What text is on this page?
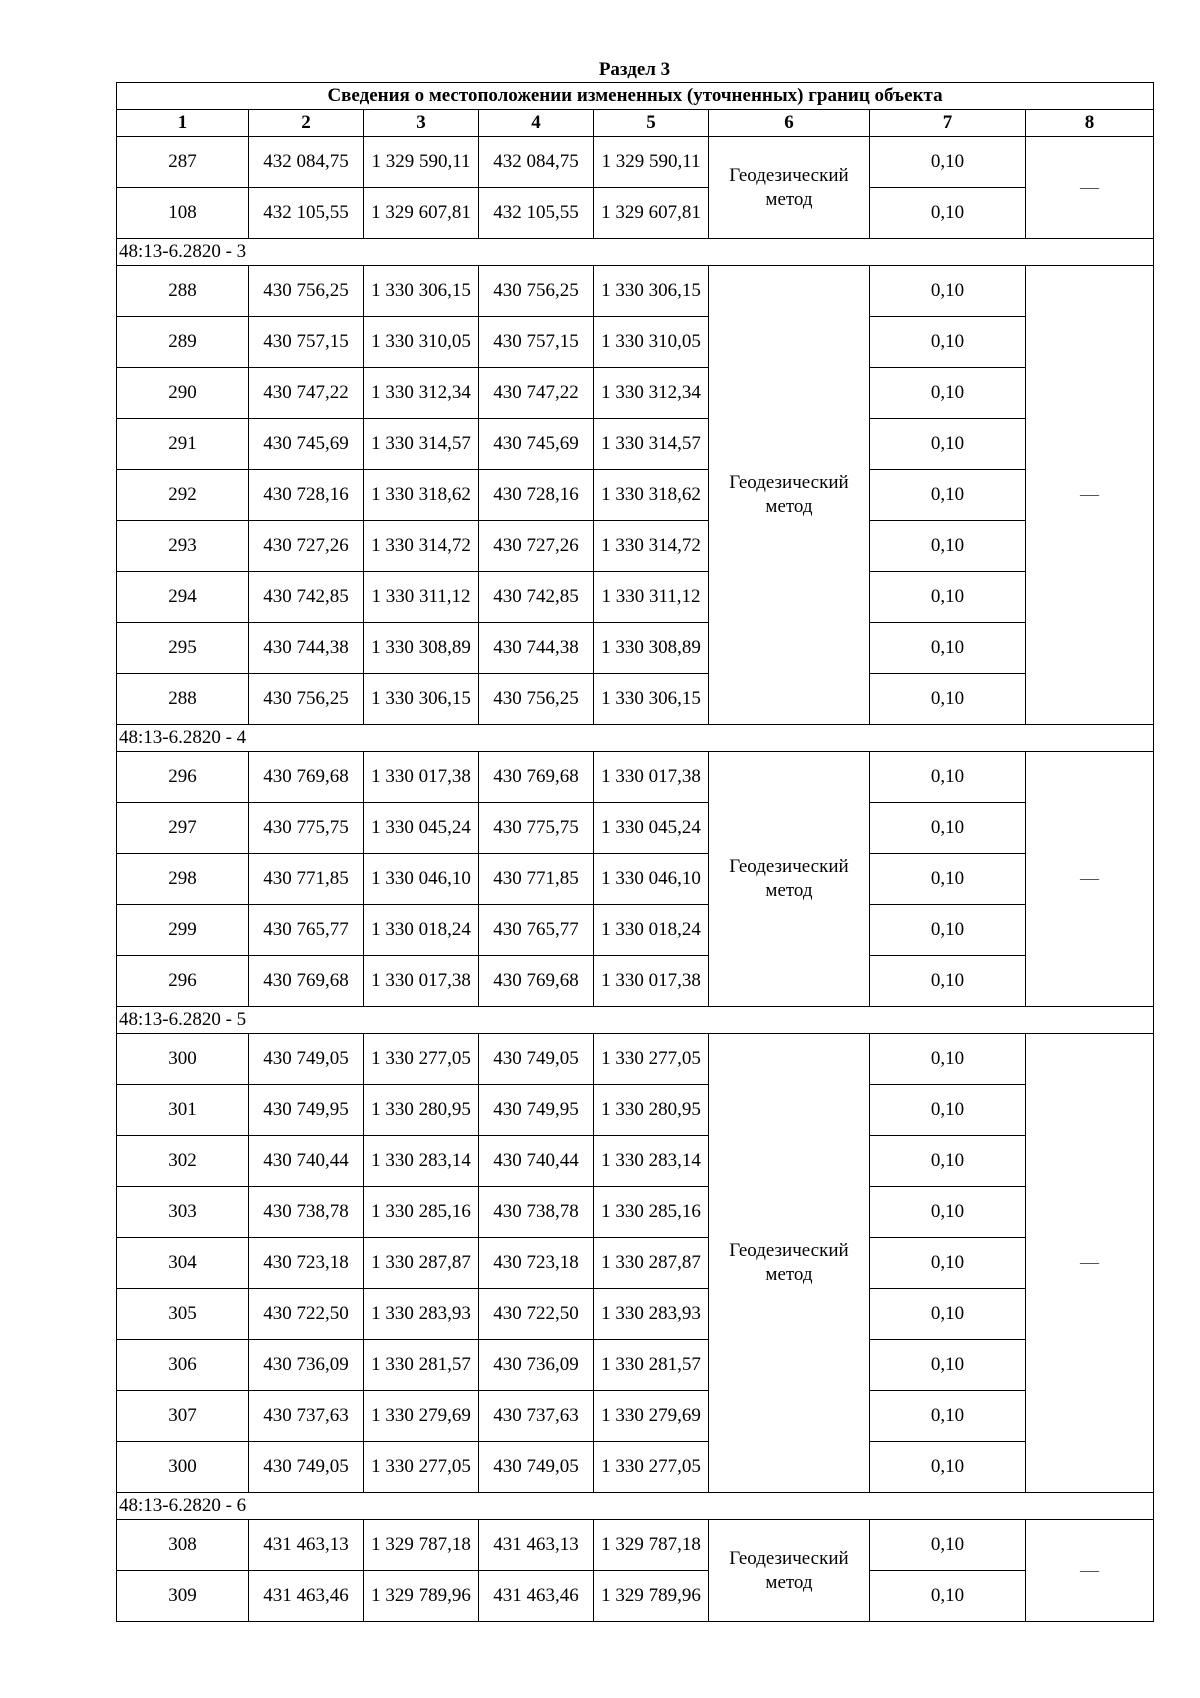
Раздел 3
Сведения о местоположении измененных (уточненных) границ объекта							
1	2	3	4	5	6	7	8
287	432 084,75	1 329 590,11	432 084,75	1 329 590,11	Геодезический метод	0,10	—
108	432 105,55	1 329 607,81	432 105,55	1 329 607,81		0,10	
48:13-6.2820 - 3							
288	430 756,25	1 330 306,15	430 756,25	1 330 306,15	Геодезический метод	0,10	—
289	430 757,15	1 330 310,05	430 757,15	1 330 310,05		0,10	
290	430 747,22	1 330 312,34	430 747,22	1 330 312,34		0,10	
291	430 745,69	1 330 314,57	430 745,69	1 330 314,57		0,10	
292	430 728,16	1 330 318,62	430 728,16	1 330 318,62		0,10	
293	430 727,26	1 330 314,72	430 727,26	1 330 314,72		0,10	
294	430 742,85	1 330 311,12	430 742,85	1 330 311,12		0,10	
295	430 744,38	1 330 308,89	430 744,38	1 330 308,89		0,10	
288	430 756,25	1 330 306,15	430 756,25	1 330 306,15		0,10	
48:13-6.2820 - 4							
296	430 769,68	1 330 017,38	430 769,68	1 330 017,38	Геодезический метод	0,10	—
297	430 775,75	1 330 045,24	430 775,75	1 330 045,24		0,10	
298	430 771,85	1 330 046,10	430 771,85	1 330 046,10		0,10	
299	430 765,77	1 330 018,24	430 765,77	1 330 018,24		0,10	
296	430 769,68	1 330 017,38	430 769,68	1 330 017,38		0,10	
48:13-6.2820 - 5							
300	430 749,05	1 330 277,05	430 749,05	1 330 277,05	Геодезический метод	0,10	—
301	430 749,95	1 330 280,95	430 749,95	1 330 280,95		0,10	
302	430 740,44	1 330 283,14	430 740,44	1 330 283,14		0,10	
303	430 738,78	1 330 285,16	430 738,78	1 330 285,16		0,10	
304	430 723,18	1 330 287,87	430 723,18	1 330 287,87		0,10	
305	430 722,50	1 330 283,93	430 722,50	1 330 283,93		0,10	
306	430 736,09	1 330 281,57	430 736,09	1 330 281,57		0,10	
307	430 737,63	1 330 279,69	430 737,63	1 330 279,69		0,10	
300	430 749,05	1 330 277,05	430 749,05	1 330 277,05		0,10	
48:13-6.2820 - 6							
308	431 463,13	1 329 787,18	431 463,13	1 329 787,18	Геодезический метод	0,10	—
309	431 463,46	1 329 789,96	431 463,46	1 329 789,96		0,10	
